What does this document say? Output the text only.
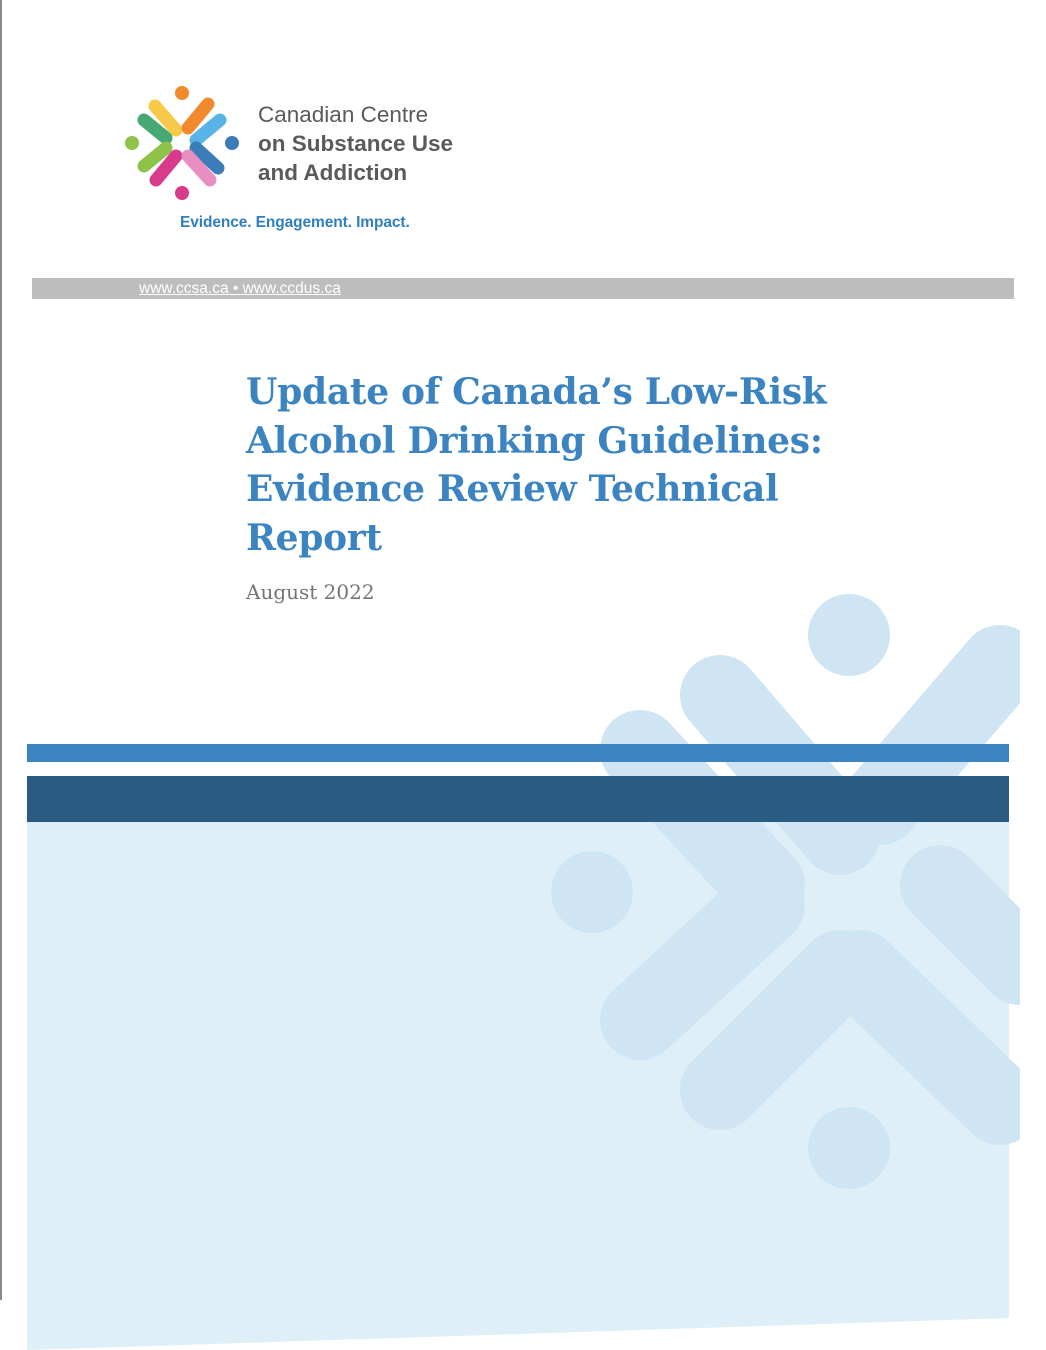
Canadian Centre
on Substance Use
and Addiction
Evidence. Engagement. Impact.
www.ccsa.ca • www.ccdus.ca
Update of Canada’s Low-Risk Alcohol Drinking Guidelines: Evidence Review Technical Report
August 2022
